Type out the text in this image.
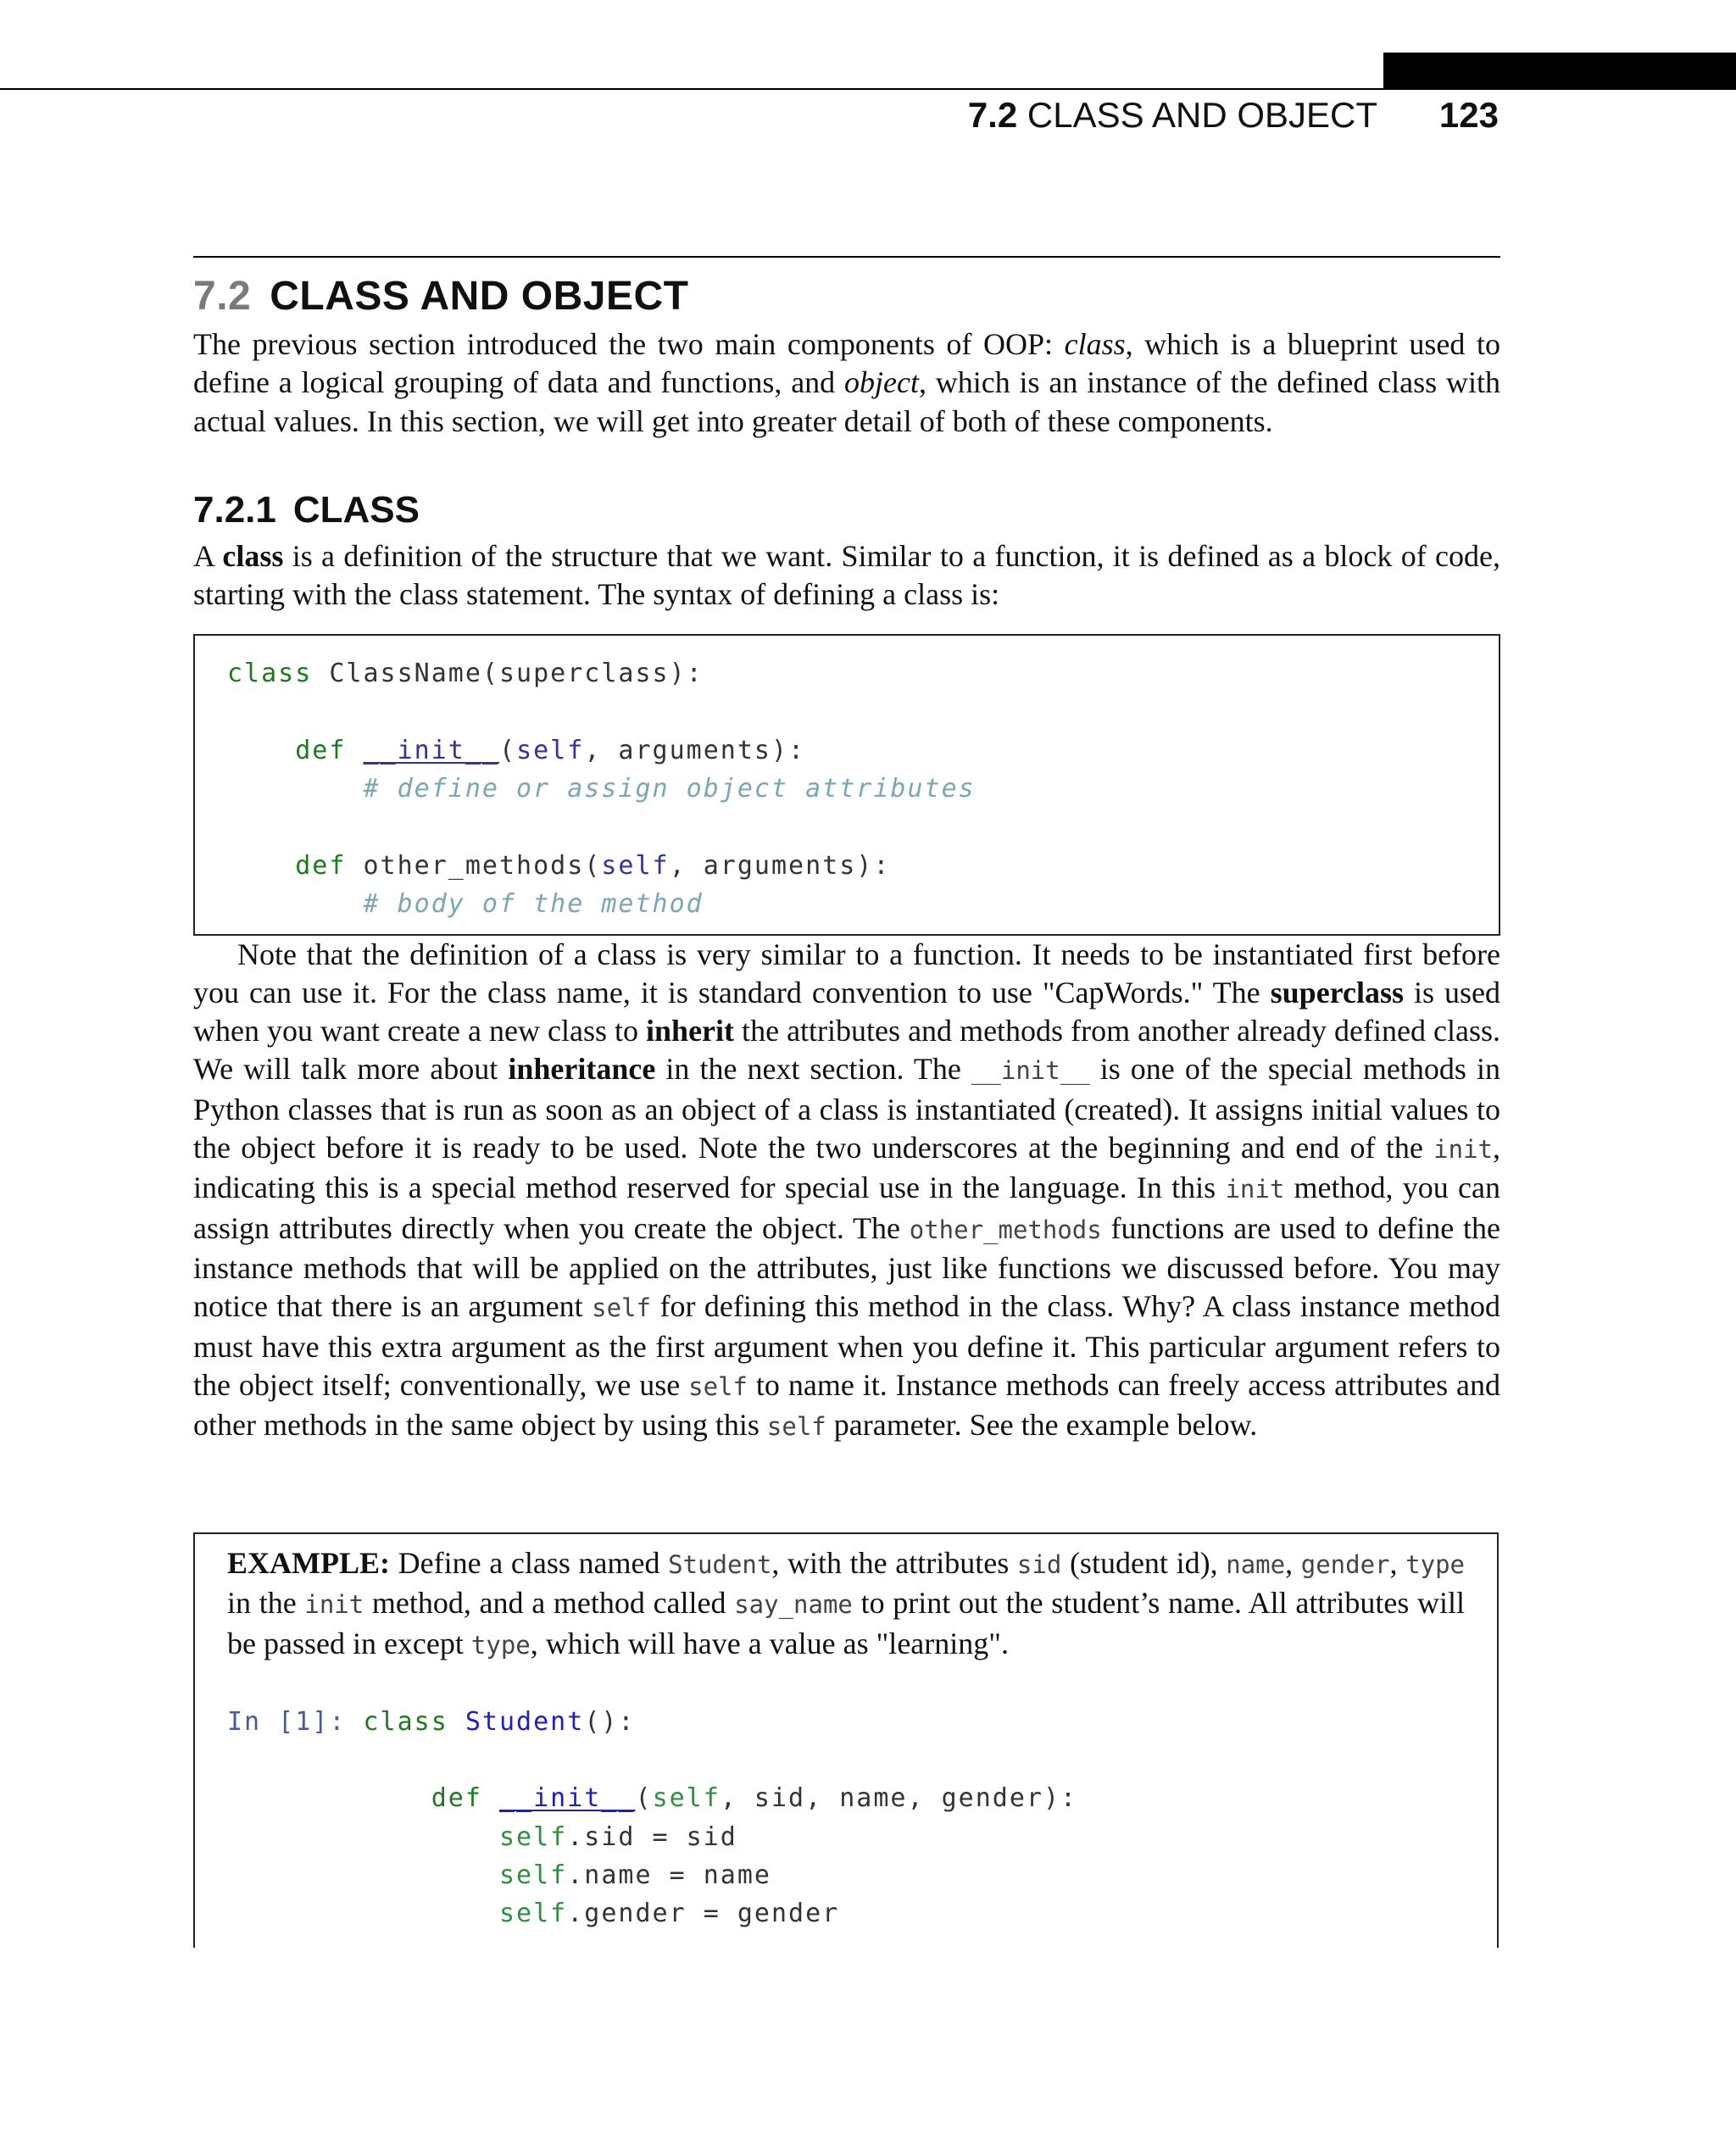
7.2 CLASS AND OBJECT 123
7.2 CLASS AND OBJECT

The previous section introduced the two main components of OOP: class, which is a blueprint used to define a logical grouping of data and functions, and object, which is an instance of the defined class with actual values. In this section, we will get into greater detail of both of these components.

7.2.1 CLASS

A class is a definition of the structure that we want. Similar to a function, it is defined as a block of code, starting with the class statement. The syntax of defining a class is:

class ClassName(superclass):

def __init__(self, arguments):
# define or assign object attributes

def other_methods(self, arguments):
# body of the method

Note that the definition of a class is very similar to a function. It needs to be instantiated first before you can use it. For the class name, it is standard convention to use "CapWords." The superclass is used when you want create a new class to inherit the attributes and methods from another already defined class. We will talk more about inheritance in the next section. The __init__ is one of the special methods in Python classes that is run as soon as an object of a class is instantiated (created). It assigns initial values to the object before it is ready to be used. Note the two underscores at the beginning and end of the init, indicating this is a special method reserved for special use in the language. In this init method, you can assign attributes directly when you create the object. The other_methods functions are used to define the instance methods that will be applied on the attributes, just like functions we discussed before. You may notice that there is an argument self for defining this method in the class. Why? A class instance method must have this extra argument as the first argument when you define it. This particular argument refers to the object itself; conventionally, we use self to name it. Instance methods can freely access attributes and other methods in the same object by using this self parameter. See the example below.

EXAMPLE: Define a class named Student, with the attributes sid (student id), name, gender, type in the init method, and a method called say_name to print out the student’s name. All attributes will be passed in except type, which will have a value as "learning".

In [1]: class Student():

def __init__(self, sid, name, gender):
self.sid = sid
self.name = name
self.gender = gender
